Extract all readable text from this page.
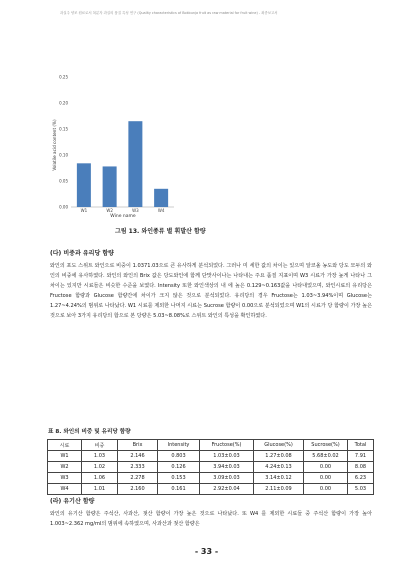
과실주 양조 원료로서 복분자 과실의 품질 특성 연구 (Quality characteristics of Bokbunja fruit as raw material for fruit wine) - 최종보고서
0.25
0.20
0.15
0.10
0.05
0.00
W1	W2	W3	W4
Wine name
Volatile acid content (%)
그림 13. 와인종류 별 휘발산 함량
(다) 비중과 유리당 함량
와인의 포도 스위트 와인으로 비중이 1.0371.03으로 큰 유사하게 분석되었다. 그러나 미 세한 값의 차이는 있으며 알코올 농도와 당도 모두의 와인의 비중에 유사하였다. 와인의 와인의 Brix 값은 당도와인에 함께 단맛사이나는 나타내는 주요 품질 지표이며 W3 시료가 가장 높게 나타나 그 차이는 있지만 시료들은 비슷한 수준을 보였다. Intensity 또한 와인색상의 내 에 높은 0.129~0.163값을 나타내었으며, 와인시료의 유리당은 Fructose 함량과 Glucose 함량간에 차이가 크지 않은 것으로 분석되었다. 유리당의 경우 Fructose는 1.03~3.94%이며 Glucose는 1.27~4.24%의 범위로 나타났다. W1 시료를 제외한 나머지 시료는 Sucrose 함량이 0.00으로 분석되었으며 W1의 시료가 당 함량이 가장 높은 것으로 보아 3가지 유리당의 합으로 본 당량은 5.03~8.08%로 스위트 와인의 특성을 확인하였다.
표 8. 와인의 비중 및 유리당 함량
시료	비중	Brix	Intensity	Fructose(%)	Glucose(%)	Sucrose(%)	Total
W1	1.03	2.146	0.803	1.03±0.03	1.27±0.08	5.68±0.02	7.91
W2	1.02	2.333	0.126	3.94±0.03	4.24±0.13	0.00	8.08
W3	1.06	2.278	0.153	3.09±0.03	3.14±0.12	0.00	6.23
W4	1.01	2.160	0.161	2.92±0.04	2.11±0.09	0.00	5.03
(라) 유기산 함량
와인의 유기산 함량은 주석산, 사과산, 젖산 함량이 가장 높은 것으로 나타났다. 또 W4 를 제외한 시료들 중 주석산 함량이 가장 높아 1.003~2.362 mg/ml의 범위에 속하였으며, 사과산과 젖산 함량은
- 33 -
